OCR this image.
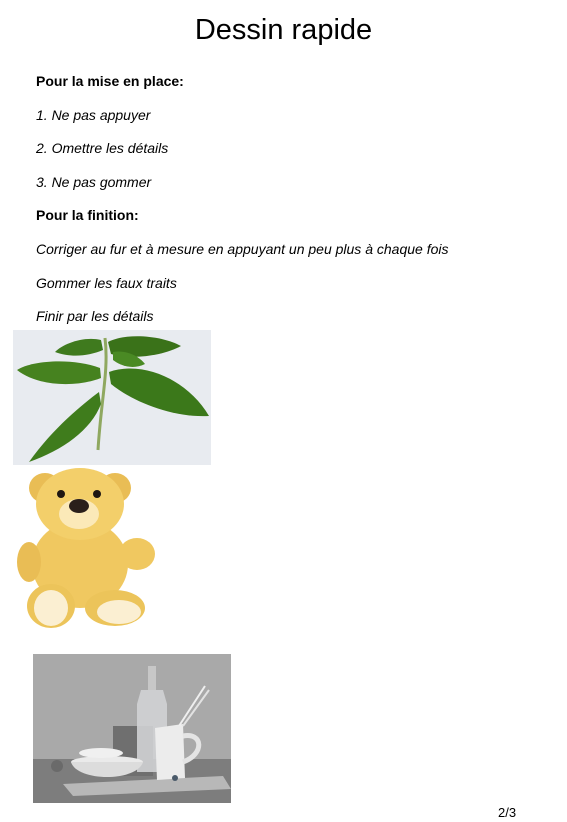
Dessin rapide

Pour la mise en place:

1. Ne pas appuyer

2. Omettre les détails

3. Ne pas gommer

Pour la finition:

Corriger au fur et à mesure en appuyant un peu plus à chaque fois

Gommer les faux traits

Finir par les détails

2/3
